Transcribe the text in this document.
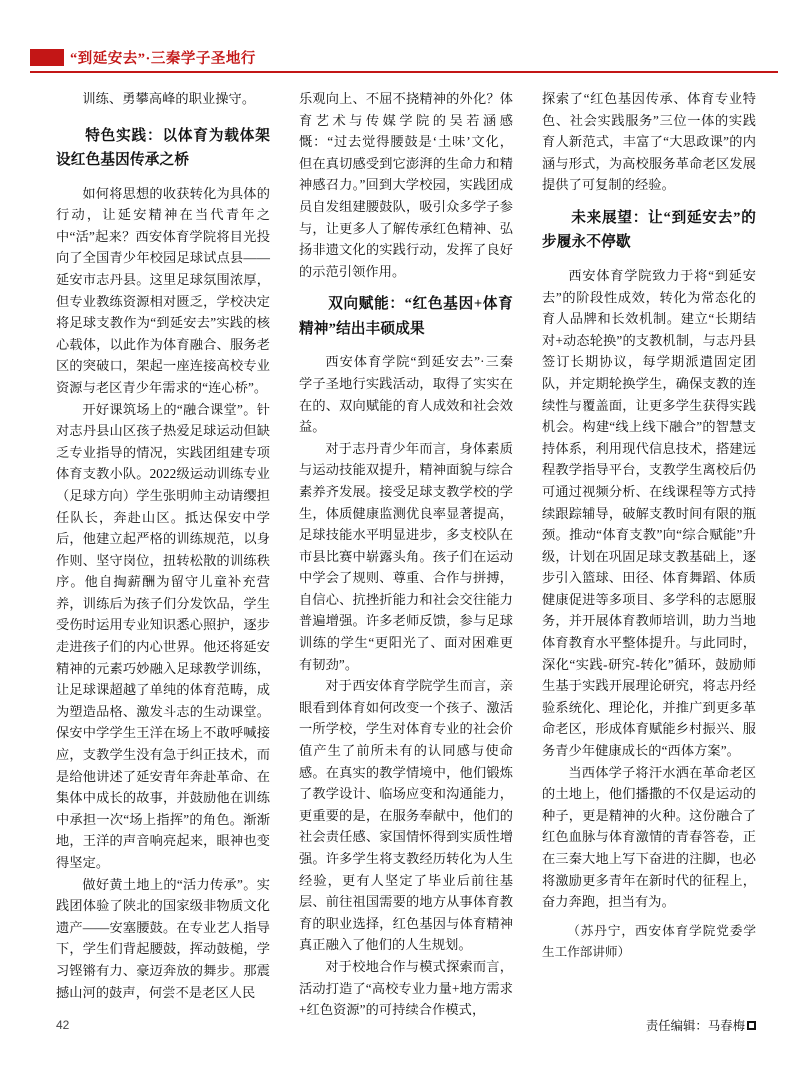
“到延安去”·三秦学子圣地行

训练、勇攀高峰的职业操守。

特色实践：以体育为载体架设红色基因传承之桥

如何将思想的收获转化为具体的行动，让延安精神在当代青年之中“活”起来？西安体育学院将目光投向了全国青少年校园足球试点县——延安市志丹县。这里足球氛围浓厚，但专业教练资源相对匮乏，学校决定将足球支教作为“到延安去”实践的核心载体，以此作为体育融合、服务老区的突破口，架起一座连接高校专业资源与老区青少年需求的“连心桥”。

开好课筑场上的“融合课堂”。针对志丹县山区孩子热爱足球运动但缺乏专业指导的情况，实践团组建专项体育支教小队。2022级运动训练专业（足球方向）学生张明帅主动请缨担任队长，奔赴山区。抵达保安中学后，他建立起严格的训练规范，以身作则、坚守岗位，扭转松散的训练秩序。他自掏薪酬为留守儿童补充营养，训练后为孩子们分发饮品，学生受伤时运用专业知识悉心照护，逐步走进孩子们的内心世界。他还将延安精神的元素巧妙融入足球教学训练，让足球课超越了单纯的体育范畴，成为塑造品格、激发斗志的生动课堂。保安中学学生王洋在场上不敢呼喊接应，支教学生没有急于纠正技术，而是给他讲述了延安青年奔赴革命、在集体中成长的故事，并鼓励他在训练中承担一次“场上指挥”的角色。渐渐地，王洋的声音响亮起来，眼神也变得坚定。

做好黄土地上的“活力传承”。实践团体验了陕北的国家级非物质文化遗产——安塞腰鼓。在专业艺人指导下，学生们背起腰鼓，挥动鼓槌，学习铿锵有力、豪迈奔放的舞步。那震撼山河的鼓声，何尝不是老区人民

乐观向上、不屈不挠精神的外化？体育艺术与传媒学院的吴若涵感慨：“过去觉得腰鼓是‘土味’文化，但在真切感受到它澎湃的生命力和精神感召力。”回到大学校园，实践团成员自发组建腰鼓队，吸引众多学子参与，让更多人了解传承红色精神、弘扬非遗文化的实践行动，发挥了良好的示范引领作用。

双向赋能：“红色基因+体育精神”结出丰硕成果

西安体育学院“到延安去”·三秦学子圣地行实践活动，取得了实实在在的、双向赋能的育人成效和社会效益。

对于志丹青少年而言，身体素质与运动技能双提升，精神面貌与综合素养齐发展。接受足球支教学校的学生，体质健康监测优良率显著提高，足球技能水平明显进步，多支校队在市县比赛中崭露头角。孩子们在运动中学会了规则、尊重、合作与拼搏，自信心、抗挫折能力和社会交往能力普遍增强。许多老师反馈，参与足球训练的学生“更阳光了、面对困难更有韧劲”。

对于西安体育学院学生而言，亲眼看到体育如何改变一个孩子、激活一所学校，学生对体育专业的社会价值产生了前所未有的认同感与使命感。在真实的教学情境中，他们锻炼了教学设计、临场应变和沟通能力，更重要的是，在服务奉献中，他们的社会责任感、家国情怀得到实质性增强。许多学生将支教经历转化为人生经验，更有人坚定了毕业后前往基层、前往祖国需要的地方从事体育教育的职业选择，红色基因与体育精神真正融入了他们的人生规划。

对于校地合作与模式探索而言，活动打造了“高校专业力量+地方需求+红色资源”的可持续合作模式，

探索了“红色基因传承、体育专业特色、社会实践服务”三位一体的实践育人新范式，丰富了“大思政课”的内涵与形式，为高校服务革命老区发展提供了可复制的经验。

未来展望：让“到延安去”的步履永不停歇

西安体育学院致力于将“到延安去”的阶段性成效，转化为常态化的育人品牌和长效机制。建立“长期结对+动态轮换”的支教机制，与志丹县签订长期协议，每学期派遣固定团队，并定期轮换学生，确保支教的连续性与覆盖面，让更多学生获得实践机会。构建“线上线下融合”的智慧支持体系，利用现代信息技术，搭建远程教学指导平台，支教学生离校后仍可通过视频分析、在线课程等方式持续跟踪辅导，破解支教时间有限的瓶颈。推动“体育支教”向“综合赋能”升级，计划在巩固足球支教基础上，逐步引入篮球、田径、体育舞蹈、体质健康促进等多项目、多学科的志愿服务，并开展体育教师培训，助力当地体育教育水平整体提升。与此同时，深化“实践-研究-转化”循环，鼓励师生基于实践开展理论研究，将志丹经验系统化、理论化，并推广到更多革命老区，形成体育赋能乡村振兴、服务青少年健康成长的“西体方案”。

当西体学子将汗水洒在革命老区的土地上，他们播撒的不仅是运动的种子，更是精神的火种。这份融合了红色血脉与体育激情的青春答卷，正在三秦大地上写下奋进的注脚，也必将激励更多青年在新时代的征程上，奋力奔跑，担当有为。

（苏丹宁，西安体育学院党委学生工作部讲师）

42	责任编辑：马春梅
